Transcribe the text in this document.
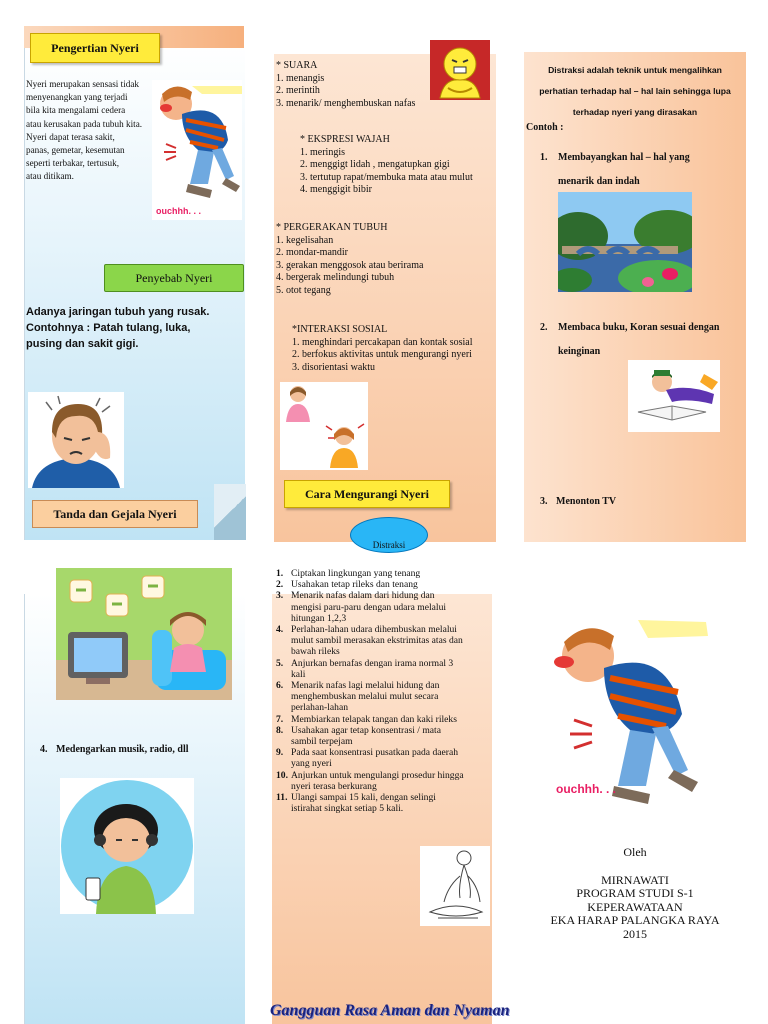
Pengertian Nyeri
Nyeri merupakan sensasi tidak
menyenangkan yang terjadi
bila kita mengalami cedera
atau kerusakan pada tubuh kita.
Nyeri dapat terasa sakit,
panas, gemetar, kesemutan
seperti terbakar, tertusuk,
atau ditikam.
ouchhh. . .
Penyebab Nyeri
Adanya jaringan tubuh yang rusak.
Contohnya : Patah tulang, luka,
pusing dan sakit gigi.
Tanda dan Gejala Nyeri
* SUARA
1. menangis
2. merintih
3. menarik/ menghembuskan nafas
* EKSPRESI WAJAH
1. meringis
2. menggigt lidah , mengatupkan gigi
3. tertutup rapat/membuka mata atau mulut
4. menggigit bibir
* PERGERAKAN TUBUH
1. kegelisahan
2. mondar-mandir
3. gerakan menggosok atau berirama
4. bergerak melindungi tubuh
5. otot tegang
*INTERAKSI SOSIAL
1. menghindari percakapan dan kontak sosial
2. berfokus aktivitas untuk mengurangi nyeri
3. disorientasi waktu
Cara Mengurangi Nyeri
Distraksi
Distraksi adalah teknik untuk mengalihkan
perhatian terhadap hal – hal lain sehingga lupa
terhadap nyeri yang dirasakan
Contoh :
1. Membayangkan hal – hal yang
menarik dan indah
2. Membaca buku, Koran sesuai dengan
keinginan
3. Menonton TV
4. Medengarkan musik, radio, dll
1. Ciptakan lingkungan yang tenang
2. Usahakan tetap rileks dan tenang
3. Menarik nafas dalam dari hidung dan
mengisi paru-paru dengan udara melalui
hitungan 1,2,3
4. Perlahan-lahan udara dihembuskan melalui
mulut sambil merasakan ekstrimitas atas dan
bawah rileks
5. Anjurkan bernafas dengan irama normal 3
kali
6. Menarik nafas lagi melalui hidung dan
menghembuskan melalui mulut secara
perlahan-lahan
7. Membiarkan telapak tangan dan kaki rileks
8. Usahakan agar tetap konsentrasi / mata
sambil terpejam
9. Pada saat konsentrasi pusatkan pada daerah
yang nyeri
10. Anjurkan untuk mengulangi prosedur hingga
nyeri terasa berkurang
11. Ulangi sampai 15 kali, dengan selingi
istirahat singkat setiap 5 kali.
Gangguan Rasa Aman dan Nyaman
ouchhh. . .
Oleh
MIRNAWATI
PROGRAM STUDI S-1
KEPERAWATAAN
EKA HARAP PALANGKA RAYA
2015
